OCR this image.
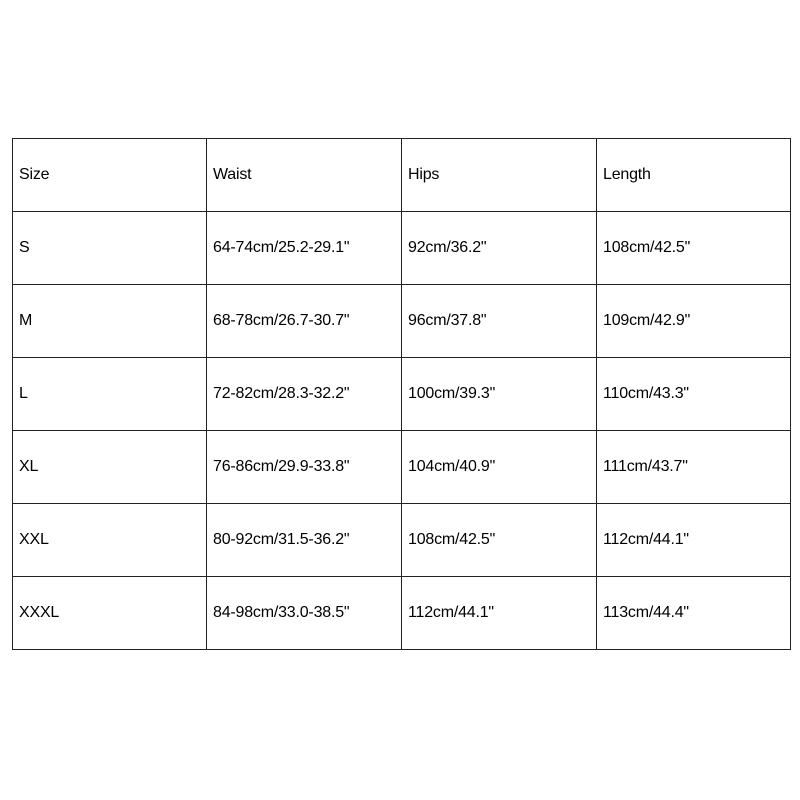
Size	Waist	Hips	Length
S	64-74cm/25.2-29.1"	92cm/36.2"	108cm/42.5"
M	68-78cm/26.7-30.7"	96cm/37.8"	109cm/42.9"
L	72-82cm/28.3-32.2"	100cm/39.3"	110cm/43.3"
XL	76-86cm/29.9-33.8"	104cm/40.9"	111cm/43.7"
XXL	80-92cm/31.5-36.2"	108cm/42.5"	112cm/44.1"
XXXL	84-98cm/33.0-38.5"	112cm/44.1"	113cm/44.4"
